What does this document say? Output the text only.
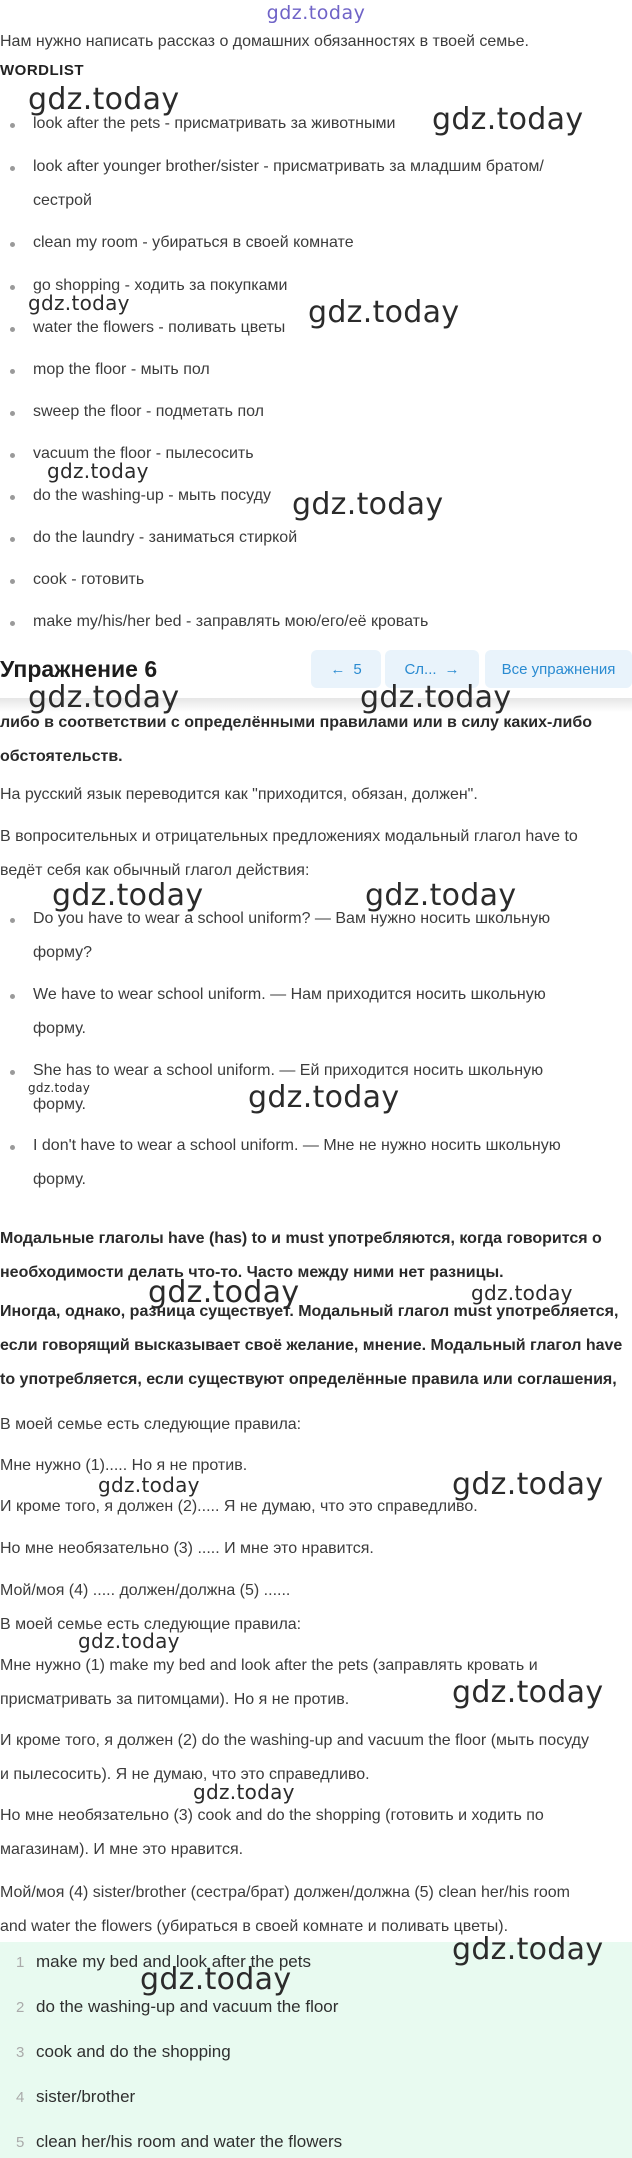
gdz.today
Нам нужно написать рассказ о домашних обязанностях в твоей семье.
WORDLIST
look after the pets - присматривать за животными
look after younger brother/sister - присматривать за младшим братом/
сестрой
clean my room - убираться в своей комнате
go shopping - ходить за покупками
water the flowers - поливать цветы
mop the floor - мыть пол
sweep the floor - подметать пол
vacuum the floor - пылесосить
do the washing-up - мыть посуду
do the laundry - заниматься стиркой
cook - готовить
make my/his/her bed - заправлять мою/его/её кровать
Упражнение 6	← 5	Сл... →	Все упражнения
либо в соответствии с определёнными правилами или в силу каких-либо
обстоятельств.
На русский язык переводится как "приходится, обязан, должен".
В вопросительных и отрицательных предложениях модальный глагол have to
ведёт себя как обычный глагол действия:
Do you have to wear a school uniform? — Вам нужно носить школьную
форму?
We have to wear school uniform. — Нам приходится носить школьную
форму.
She has to wear a school uniform. — Ей приходится носить школьную
форму.
I don't have to wear a school uniform. — Мне не нужно носить школьную
форму.
Модальные глаголы have (has) to и must употребляются, когда говорится о
необходимости делать что-то. Часто между ними нет разницы.
Иногда, однако, разница существует. Модальный глагол must употребляется,
если говорящий высказывает своё желание, мнение. Модальный глагол have
to употребляется, если существуют определённые правила или соглашения,
В моей семье есть следующие правила:
Мне нужно (1)..... Но я не против.
И кроме того, я должен (2)..... Я не думаю, что это справедливо.
Но мне необязательно (3) ..... И мне это нравится.
Мой/моя (4) ..... должен/должна (5) ......
В моей семье есть следующие правила:
Мне нужно (1) make my bed and look after the pets (заправлять кровать и
присматривать за питомцами). Но я не против.
И кроме того, я должен (2) do the washing-up and vacuum the floor (мыть посуду
и пылесосить). Я не думаю, что это справедливо.
Но мне необязательно (3) cook and do the shopping (готовить и ходить по
магазинам). И мне это нравится.
Мой/моя (4) sister/brother (сестра/брат) должен/должна (5) clean her/his room
and water the flowers (убираться в своей комнате и поливать цветы).
1 make my bed and look after the pets
2 do the washing-up and vacuum the floor
3 cook and do the shopping
4 sister/brother
5 clean her/his room and water the flowers
gdz.today
gdz.today
gdz.today	gdz.today
gdz.today
gdz.today
gdz.today	gdz.today
gdz.today	gdz.today
gdz.today	gdz.today
gdz.today	gdz.today
gdz.today	gdz.today
gdz.today
gdz.today
gdz.today
gdz.today
gdz.today
